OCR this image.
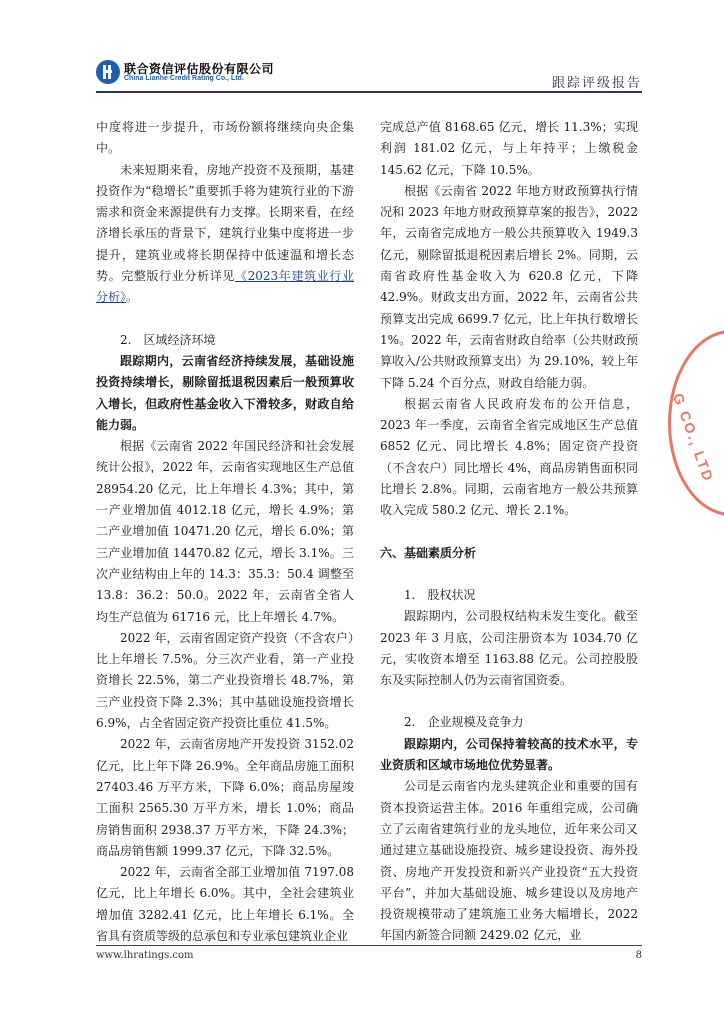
联合资信评估股份有限公司
China Lianhe Credit Rating Co., Ltd.	跟踪评级报告

中度将进一步提升，市场份额将继续向央企集中。

未来短期来看，房地产投资不及预期，基建投资作为“稳增长”重要抓手将为建筑行业的下游需求和资金来源提供有力支撑。长期来看，在经济增长承压的背景下，建筑行业集中度将进一步提升，建筑业或将长期保持中低速温和增长态势。完整版行业分析详见《2023年建筑业行业分析》。

2.　区域经济环境

跟踪期内，云南省经济持续发展，基础设施投资持续增长，剔除留抵退税因素后一般预算收入增长，但政府性基金收入下滑较多，财政自给能力弱。

根据《云南省 2022 年国民经济和社会发展统计公报》，2022 年，云南省实现地区生产总值 28954.20 亿元，比上年增长 4.3%；其中，第一产业增加值 4012.18 亿元，增长 4.9%；第二产业增加值 10471.20 亿元，增长 6.0%；第三产业增加值 14470.82 亿元，增长 3.1%。三次产业结构由上年的 14.3：35.3：50.4 调整至 13.8：36.2：50.0。2022 年，云南省全省人均生产总值为 61716 元，比上年增长 4.7%。

2022 年，云南省固定资产投资（不含农户）比上年增长 7.5%。分三次产业看，第一产业投资增长 22.5%，第二产业投资增长 48.7%，第三产业投资下降 2.3%；其中基础设施投资增长 6.9%，占全省固定资产投资比重位 41.5%。

2022 年，云南省房地产开发投资 3152.02 亿元，比上年下降 26.9%。全年商品房施工面积 27403.46 万平方米，下降 6.0%；商品房屋竣工面积 2565.30 万平方米，增长 1.0%；商品房销售面积 2938.37 万平方米，下降 24.3%；商品房销售额 1999.37 亿元，下降 32.5%。

2022 年，云南省全部工业增加值 7197.08 亿元，比上年增长 6.0%。其中，全社会建筑业增加值 3282.41 亿元，比上年增长 6.1%。全省具有资质等级的总承包和专业承包建筑业企业

完成总产值 8168.65 亿元，增长 11.3%；实现利润 181.02 亿元，与上年持平；上缴税金 145.62 亿元，下降 10.5%。

根据《云南省 2022 年地方财政预算执行情况和 2023 年地方财政预算草案的报告》，2022 年，云南省完成地方一般公共预算收入 1949.3 亿元，剔除留抵退税因素后增长 2%。同期，云南省政府性基金收入为 620.8 亿元，下降 42.9%。财政支出方面，2022 年，云南省公共预算支出完成 6699.7 亿元，比上年执行数增长 1%。2022 年，云南省财政自给率（公共财政预算收入/公共财政预算支出）为 29.10%，较上年下降 5.24 个百分点，财政自给能力弱。

根据云南省人民政府发布的公开信息，2023 年一季度，云南省全省完成地区生产总值 6852 亿元、同比增长 4.8%；固定资产投资（不含农户）同比增长 4%，商品房销售面积同比增长 2.8%。同期，云南省地方一般公共预算收入完成 580.2 亿元、增长 2.1%。

六、基础素质分析

1.　股权状况

跟踪期内，公司股权结构未发生变化。截至 2023 年 3 月底，公司注册资本为 1034.70 亿元，实收资本增至 1163.88 亿元。公司控股股东及实际控制人仍为云南省国资委。

2.　企业规模及竞争力

跟踪期内，公司保持着较高的技术水平，专业资质和区域市场地位优势显著。

公司是云南省内龙头建筑企业和重要的国有资本投资运营主体。2016 年重组完成，公司确立了云南省建筑行业的龙头地位，近年来公司又通过建立基础设施投资、城乡建设投资、海外投资、房地产开发投资和新兴产业投资“五大投资平台”，并加大基础设施、城乡建设以及房地产投资规模带动了建筑施工业务大幅增长，2022 年国内新签合同额 2429.02 亿元，业

G CO., LTD
www.lhratings.com	8
